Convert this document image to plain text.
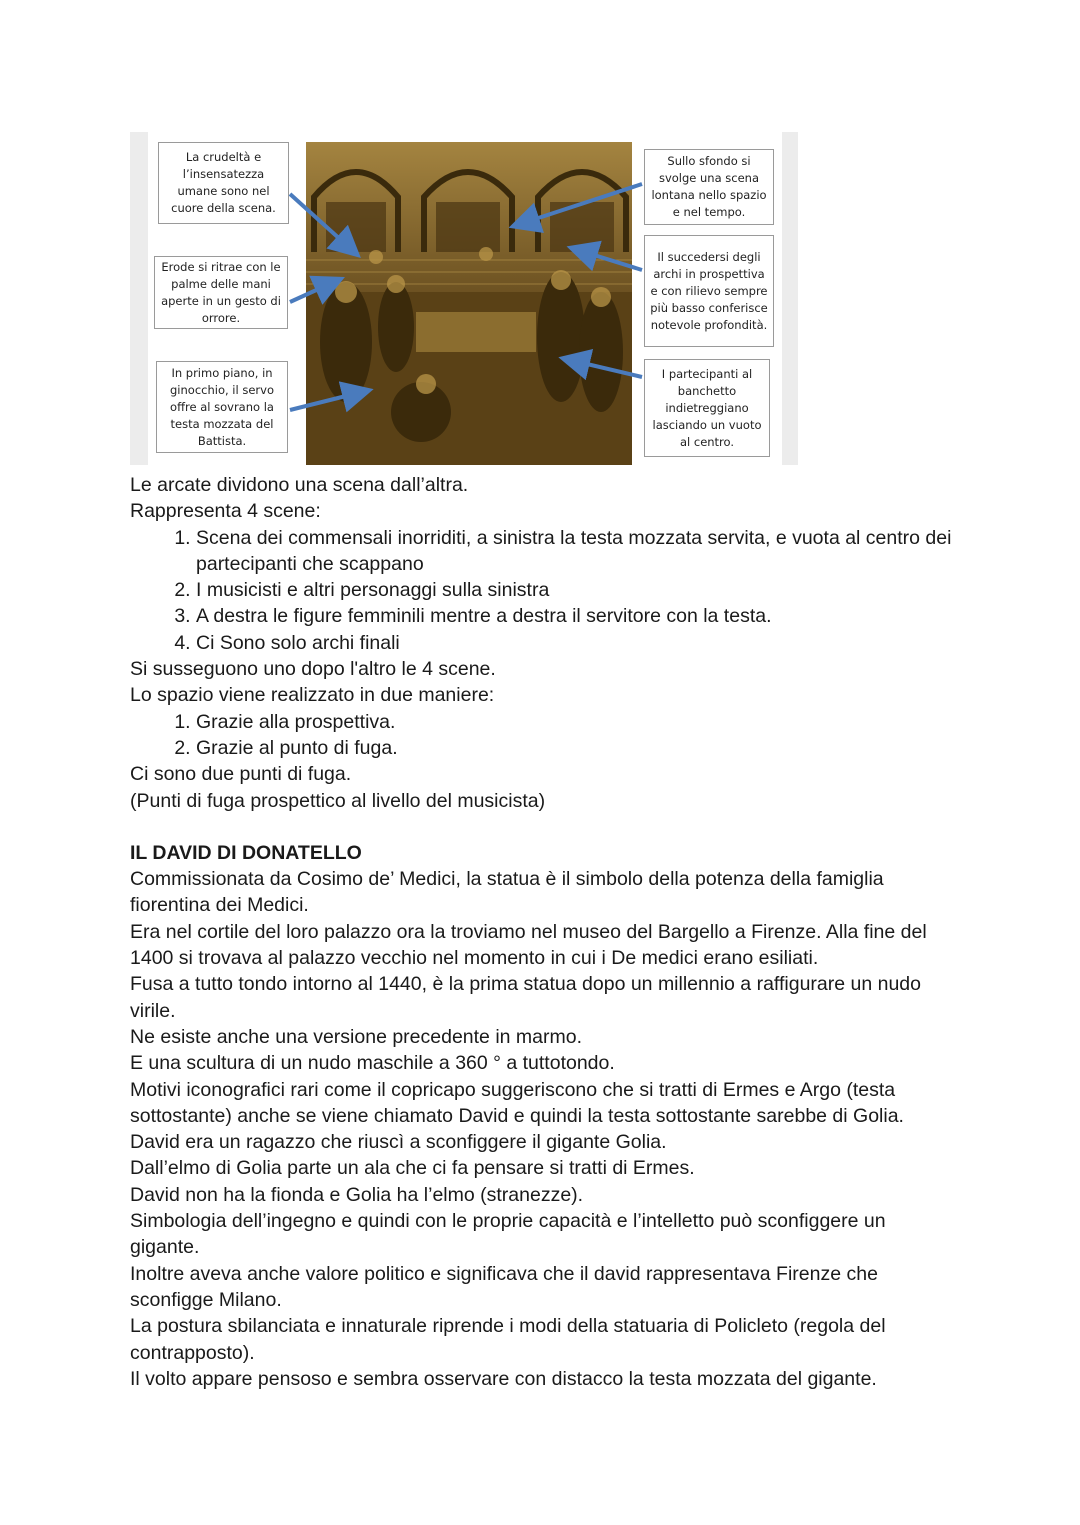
La crudeltà e l’insensatezza umane sono nel cuore della scena.
Erode si ritrae con le palme delle mani aperte in un gesto di orrore.
In primo piano, in ginocchio, il servo offre al sovrano la testa mozzata del Battista.
Sullo sfondo si svolge una scena lontana nello spazio e nel tempo.
Il succedersi degli archi in prospettiva e con rilievo sempre più basso conferisce notevole profondità.
I partecipanti al banchetto indietreggiano lasciando un vuoto al centro.

Le arcate dividono una scena dall’altra.

Rappresenta 4 scene:

1. Scena dei commensali inorriditi, a sinistra la testa mozzata servita, e vuota al centro dei partecipanti che scappano
2. I musicisti e altri personaggi sulla sinistra
3. A destra le figure femminili mentre a destra il servitore con la testa.
4. Ci Sono solo archi finali

Si susseguono uno dopo l'altro le 4 scene.

Lo spazio viene realizzato in due maniere:

1. Grazie alla prospettiva.
2. Grazie al punto di fuga.

Ci sono due punti di fuga.

(Punti di fuga prospettico al livello del musicista)

IL DAVID DI DONATELLO

Commissionata da Cosimo de’ Medici, la statua è il simbolo della potenza della famiglia fiorentina dei Medici.

Era nel cortile del loro palazzo ora la troviamo nel museo del Bargello a Firenze. Alla fine del 1400 si trovava al palazzo vecchio nel momento in cui i De medici erano esiliati.

Fusa a tutto tondo intorno al 1440, è la prima statua dopo un millennio a raffigurare un nudo virile.

Ne esiste anche una versione precedente in marmo.

E una scultura di un nudo maschile a 360 ° a tuttotondo.

Motivi iconografici rari come il copricapo suggeriscono che si tratti di Ermes e Argo (testa sottostante) anche se viene chiamato David e quindi la testa sottostante sarebbe di Golia.

David era un ragazzo che riuscì a sconfiggere il gigante Golia.

Dall’elmo di Golia parte un ala che ci fa pensare si tratti di Ermes.

David non ha la fionda e Golia ha l’elmo (stranezze).

Simbologia dell’ingegno e quindi con le proprie capacità e l’intelletto può sconfiggere un gigante.

Inoltre aveva anche valore politico e significava che il david rappresentava Firenze che sconfigge Milano.

La postura sbilanciata e innaturale riprende i modi della statuaria di Policleto (regola del contrapposto).

Il volto appare pensoso e sembra osservare con distacco la testa mozzata del gigante.
